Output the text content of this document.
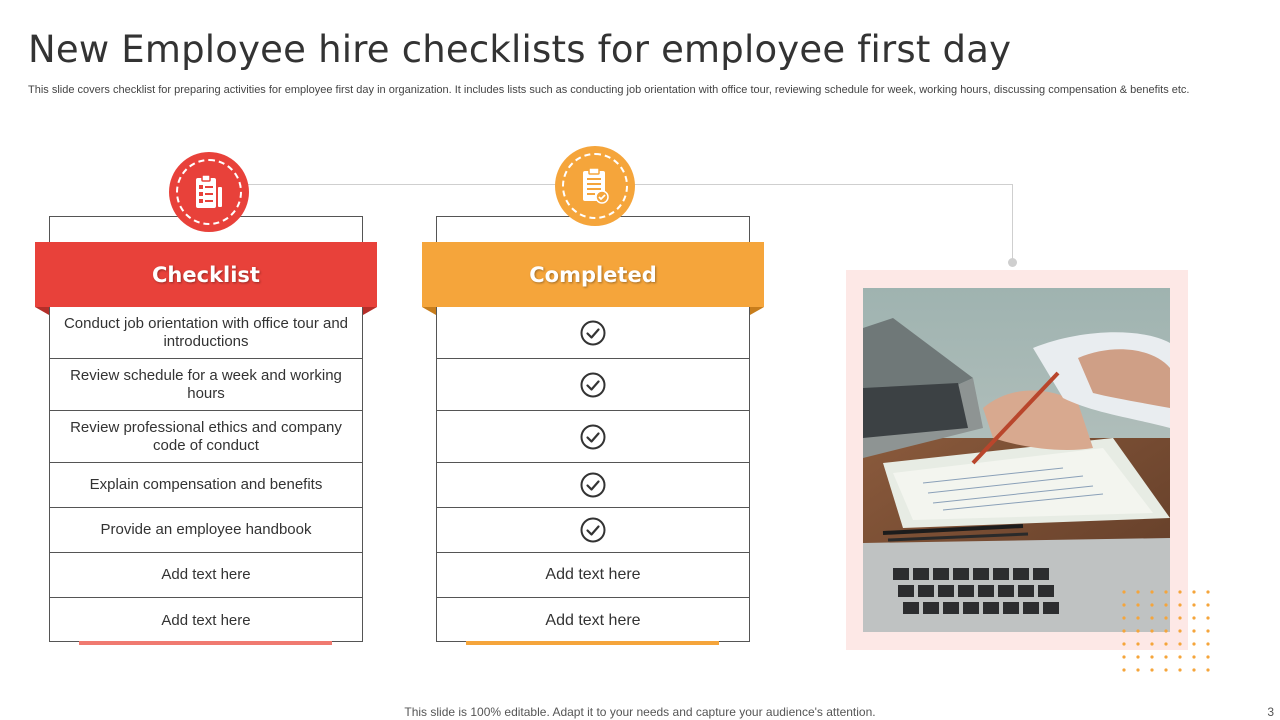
New Employee hire checklists for employee first day
This slide covers checklist for preparing activities for employee first day in organization. It includes lists such as conducting job orientation with office tour, reviewing schedule for week, working hours, discussing compensation & benefits etc.
Checklist
Conduct job orientation with office tour and introductions
Review schedule for a week and working hours
Review professional ethics and company code of conduct
Explain compensation and benefits
Provide an employee handbook
Add text here
Add text here
Completed
Add text here
Add text here
This slide is 100% editable. Adapt it to your needs and capture your audience's attention.	3
